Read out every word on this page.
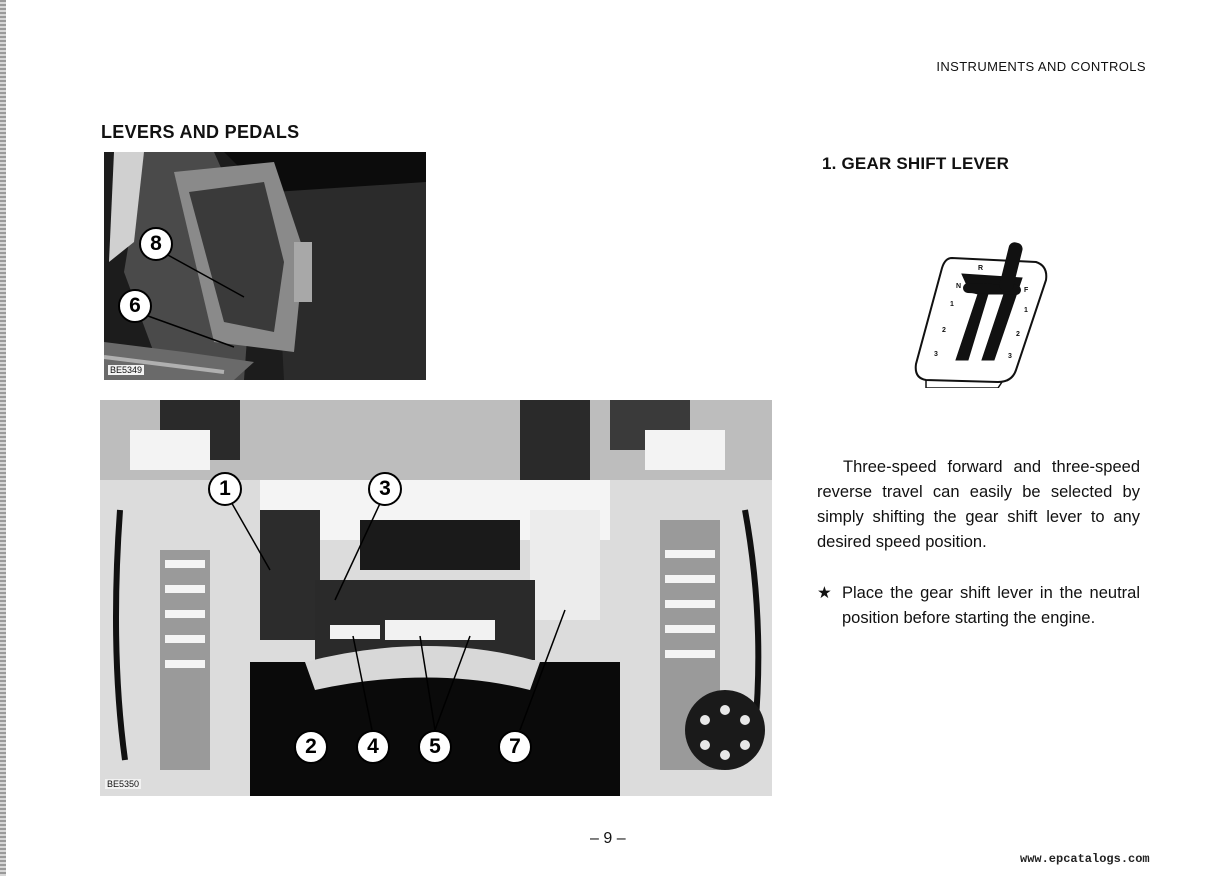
INSTRUMENTS AND CONTROLS
LEVERS AND PEDALS
8
6
BE5349
1	3
2	4	5	7
BE5350
1. GEAR SHIFT LEVER
R
N
F
1
2
3
1
2
3

Three-speed forward and three-speed reverse travel can easily be selected by simply shifting the gear shift lever to any desired speed position.

★ Place the gear shift lever in the neutral position before starting the engine.
– 9 –
www.epcatalogs.com
